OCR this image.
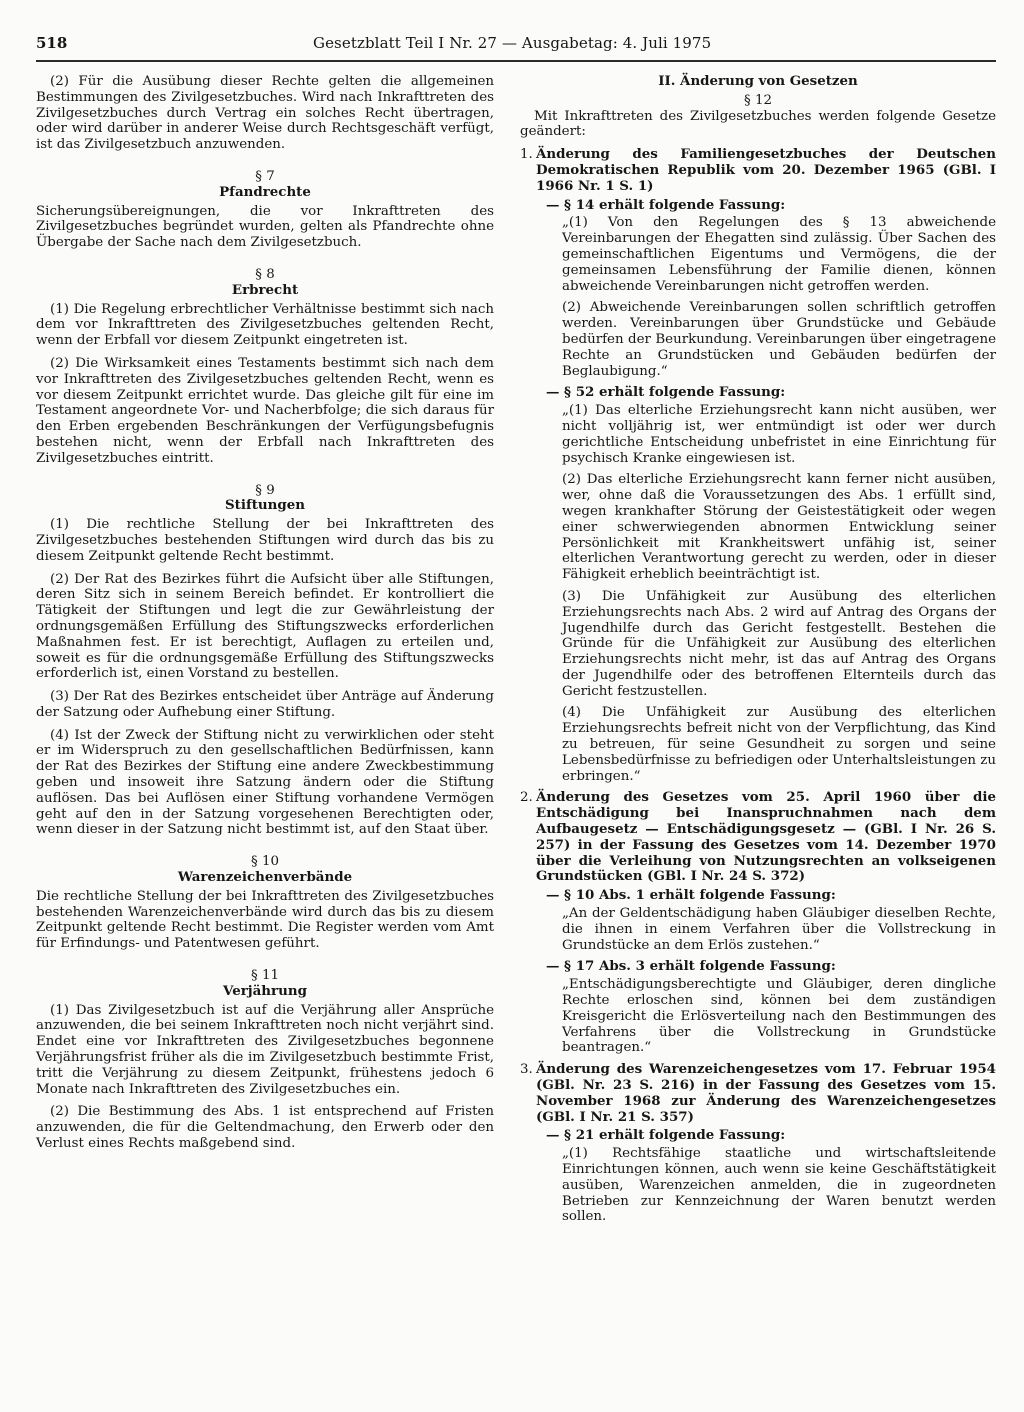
518	Gesetzblatt Teil I Nr. 27 — Ausgabetag: 4. Juli 1975

(2) Für die Ausübung dieser Rechte gelten die allgemeinen Bestimmungen des Zivilgesetzbuches. Wird nach Inkrafttreten des Zivilgesetzbuches durch Vertrag ein solches Recht übertragen, oder wird darüber in anderer Weise durch Rechtsgeschäft verfügt, ist das Zivilgesetzbuch anzuwenden.

§ 7
Pfandrechte

Sicherungsübereignungen, die vor Inkrafttreten des Zivilgesetzbuches begründet wurden, gelten als Pfandrechte ohne Übergabe der Sache nach dem Zivilgesetzbuch.

§ 8
Erbrecht

(1) Die Regelung erbrechtlicher Verhältnisse bestimmt sich nach dem vor Inkrafttreten des Zivilgesetzbuches geltenden Recht, wenn der Erbfall vor diesem Zeitpunkt eingetreten ist.

(2) Die Wirksamkeit eines Testaments bestimmt sich nach dem vor Inkrafttreten des Zivilgesetzbuches geltenden Recht, wenn es vor diesem Zeitpunkt errichtet wurde. Das gleiche gilt für eine im Testament angeordnete Vor- und Nacherbfolge; die sich daraus für den Erben ergebenden Beschränkungen der Verfügungsbefugnis bestehen nicht, wenn der Erbfall nach Inkrafttreten des Zivilgesetzbuches eintritt.

§ 9
Stiftungen

(1) Die rechtliche Stellung der bei Inkrafttreten des Zivilgesetzbuches bestehenden Stiftungen wird durch das bis zu diesem Zeitpunkt geltende Recht bestimmt.

(2) Der Rat des Bezirkes führt die Aufsicht über alle Stiftungen, deren Sitz sich in seinem Bereich befindet. Er kontrolliert die Tätigkeit der Stiftungen und legt die zur Gewährleistung der ordnungsgemäßen Erfüllung des Stiftungszwecks erforderlichen Maßnahmen fest. Er ist berechtigt, Auflagen zu erteilen und, soweit es für die ordnungsgemäße Erfüllung des Stiftungszwecks erforderlich ist, einen Vorstand zu bestellen.

(3) Der Rat des Bezirkes entscheidet über Anträge auf Änderung der Satzung oder Aufhebung einer Stiftung.

(4) Ist der Zweck der Stiftung nicht zu verwirklichen oder steht er im Widerspruch zu den gesellschaftlichen Bedürfnissen, kann der Rat des Bezirkes der Stiftung eine andere Zweckbestimmung geben und insoweit ihre Satzung ändern oder die Stiftung auflösen. Das bei Auflösen einer Stiftung vorhandene Vermögen geht auf den in der Satzung vorgesehenen Berechtigten oder, wenn dieser in der Satzung nicht bestimmt ist, auf den Staat über.

§ 10
Warenzeichenverbände

Die rechtliche Stellung der bei Inkrafttreten des Zivilgesetzbuches bestehenden Warenzeichenverbände wird durch das bis zu diesem Zeitpunkt geltende Recht bestimmt. Die Register werden vom Amt für Erfindungs- und Patentwesen geführt.

§ 11
Verjährung

(1) Das Zivilgesetzbuch ist auf die Verjährung aller Ansprüche anzuwenden, die bei seinem Inkrafttreten noch nicht verjährt sind. Endet eine vor Inkrafttreten des Zivilgesetzbuches begonnene Verjährungsfrist früher als die im Zivilgesetzbuch bestimmte Frist, tritt die Verjährung zu diesem Zeitpunkt, frühestens jedoch 6 Monate nach Inkrafttreten des Zivilgesetzbuches ein.

(2) Die Bestimmung des Abs. 1 ist entsprechend auf Fristen anzuwenden, die für die Geltendmachung, den Erwerb oder den Verlust eines Rechts maßgebend sind.

II. Änderung von Gesetzen
§ 12

Mit Inkrafttreten des Zivilgesetzbuches werden folgende Gesetze geändert:

1. Änderung des Familiengesetzbuches der Deutschen Demokratischen Republik vom 20. Dezember 1965 (GBl. I 1966 Nr. 1 S. 1)

— § 14 erhält folgende Fassung:

„(1) Von den Regelungen des § 13 abweichende Vereinbarungen der Ehegatten sind zulässig. Über Sachen des gemeinschaftlichen Eigentums und Vermögens, die der gemeinsamen Lebensführung der Familie dienen, können abweichende Vereinbarungen nicht getroffen werden.

(2) Abweichende Vereinbarungen sollen schriftlich getroffen werden. Vereinbarungen über Grundstücke und Gebäude bedürfen der Beurkundung. Vereinbarungen über eingetragene Rechte an Grundstücken und Gebäuden bedürfen der Beglaubigung.“

— § 52 erhält folgende Fassung:

„(1) Das elterliche Erziehungsrecht kann nicht ausüben, wer nicht volljährig ist, wer entmündigt ist oder wer durch gerichtliche Entscheidung unbefristet in eine Einrichtung für psychisch Kranke eingewiesen ist.

(2) Das elterliche Erziehungsrecht kann ferner nicht ausüben, wer, ohne daß die Voraussetzungen des Abs. 1 erfüllt sind, wegen krankhafter Störung der Geistestätigkeit oder wegen einer schwerwiegenden abnormen Entwicklung seiner Persönlichkeit mit Krankheitswert unfähig ist, seiner elterlichen Verantwortung gerecht zu werden, oder in dieser Fähigkeit erheblich beeinträchtigt ist.

(3) Die Unfähigkeit zur Ausübung des elterlichen Erziehungsrechts nach Abs. 2 wird auf Antrag des Organs der Jugendhilfe durch das Gericht festgestellt. Bestehen die Gründe für die Unfähigkeit zur Ausübung des elterlichen Erziehungsrechts nicht mehr, ist das auf Antrag des Organs der Jugendhilfe oder des betroffenen Elternteils durch das Gericht festzustellen.

(4) Die Unfähigkeit zur Ausübung des elterlichen Erziehungsrechts befreit nicht von der Verpflichtung, das Kind zu betreuen, für seine Gesundheit zu sorgen und seine Lebensbedürfnisse zu befriedigen oder Unterhaltsleistungen zu erbringen.“

2. Änderung des Gesetzes vom 25. April 1960 über die Entschädigung bei Inanspruchnahmen nach dem Aufbaugesetz — Entschädigungsgesetz — (GBl. I Nr. 26 S. 257) in der Fassung des Gesetzes vom 14. Dezember 1970 über die Verleihung von Nutzungsrechten an volkseigenen Grundstücken (GBl. I Nr. 24 S. 372)

— § 10 Abs. 1 erhält folgende Fassung:

„An der Geldentschädigung haben Gläubiger dieselben Rechte, die ihnen in einem Verfahren über die Vollstreckung in Grundstücke an dem Erlös zustehen.“

— § 17 Abs. 3 erhält folgende Fassung:

„Entschädigungsberechtigte und Gläubiger, deren dingliche Rechte erloschen sind, können bei dem zuständigen Kreisgericht die Erlösverteilung nach den Bestimmungen des Verfahrens über die Vollstreckung in Grundstücke beantragen.“

3. Änderung des Warenzeichengesetzes vom 17. Februar 1954 (GBl. Nr. 23 S. 216) in der Fassung des Gesetzes vom 15. November 1968 zur Änderung des Warenzeichengesetzes (GBl. I Nr. 21 S. 357)

— § 21 erhält folgende Fassung:

„(1) Rechtsfähige staatliche und wirtschaftsleitende Einrichtungen können, auch wenn sie keine Geschäftstätigkeit ausüben, Warenzeichen anmelden, die in zugeordneten Betrieben zur Kennzeichnung der Waren benutzt werden sollen.
